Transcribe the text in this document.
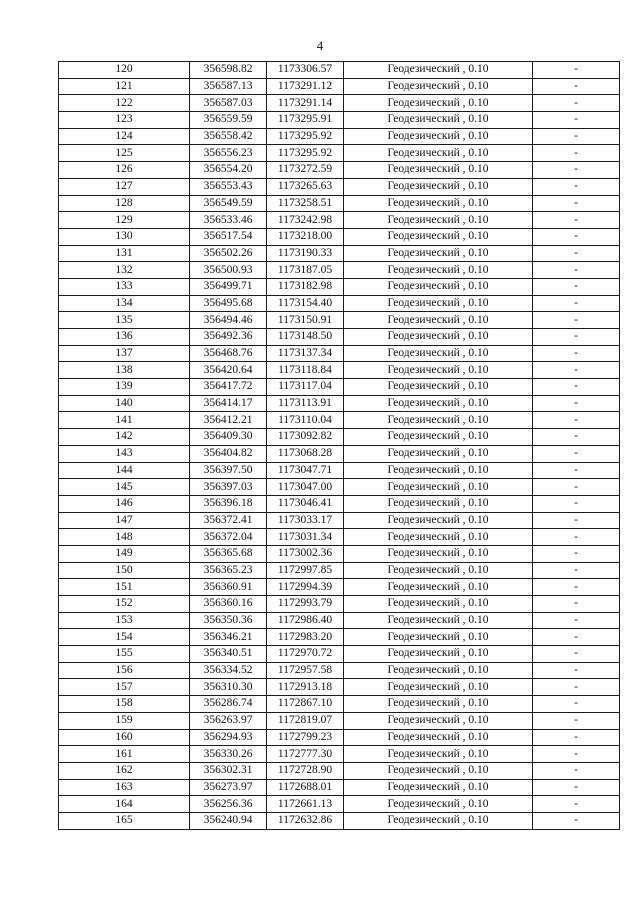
4
120	356598.82	1173306.57	Геодезический , 0.10	-
121	356587.13	1173291.12	Геодезический , 0.10	-
122	356587.03	1173291.14	Геодезический , 0.10	-
123	356559.59	1173295.91	Геодезический , 0.10	-
124	356558.42	1173295.92	Геодезический , 0.10	-
125	356556.23	1173295.92	Геодезический , 0.10	-
126	356554.20	1173272.59	Геодезический , 0.10	-
127	356553.43	1173265.63	Геодезический , 0.10	-
128	356549.59	1173258.51	Геодезический , 0.10	-
129	356533.46	1173242.98	Геодезический , 0.10	-
130	356517.54	1173218.00	Геодезический , 0.10	-
131	356502.26	1173190.33	Геодезический , 0.10	-
132	356500.93	1173187.05	Геодезический , 0.10	-
133	356499.71	1173182.98	Геодезический , 0.10	-
134	356495.68	1173154.40	Геодезический , 0.10	-
135	356494.46	1173150.91	Геодезический , 0.10	-
136	356492.36	1173148.50	Геодезический , 0.10	-
137	356468.76	1173137.34	Геодезический , 0.10	-
138	356420.64	1173118.84	Геодезический , 0.10	-
139	356417.72	1173117.04	Геодезический , 0.10	-
140	356414.17	1173113.91	Геодезический , 0.10	-
141	356412.21	1173110.04	Геодезический , 0.10	-
142	356409.30	1173092.82	Геодезический , 0.10	-
143	356404.82	1173068.28	Геодезический , 0.10	-
144	356397.50	1173047.71	Геодезический , 0.10	-
145	356397.03	1173047.00	Геодезический , 0.10	-
146	356396.18	1173046.41	Геодезический , 0.10	-
147	356372.41	1173033.17	Геодезический , 0.10	-
148	356372.04	1173031.34	Геодезический , 0.10	-
149	356365.68	1173002.36	Геодезический , 0.10	-
150	356365.23	1172997.85	Геодезический , 0.10	-
151	356360.91	1172994.39	Геодезический , 0.10	-
152	356360.16	1172993.79	Геодезический , 0.10	-
153	356350.36	1172986.40	Геодезический , 0.10	-
154	356346.21	1172983.20	Геодезический , 0.10	-
155	356340.51	1172970.72	Геодезический , 0.10	-
156	356334.52	1172957.58	Геодезический , 0.10	-
157	356310.30	1172913.18	Геодезический , 0.10	-
158	356286.74	1172867.10	Геодезический , 0.10	-
159	356263.97	1172819.07	Геодезический , 0.10	-
160	356294.93	1172799.23	Геодезический , 0.10	-
161	356330.26	1172777.30	Геодезический , 0.10	-
162	356302.31	1172728.90	Геодезический , 0.10	-
163	356273.97	1172688.01	Геодезический , 0.10	-
164	356256.36	1172661.13	Геодезический , 0.10	-
165	356240.94	1172632.86	Геодезический , 0.10	-
